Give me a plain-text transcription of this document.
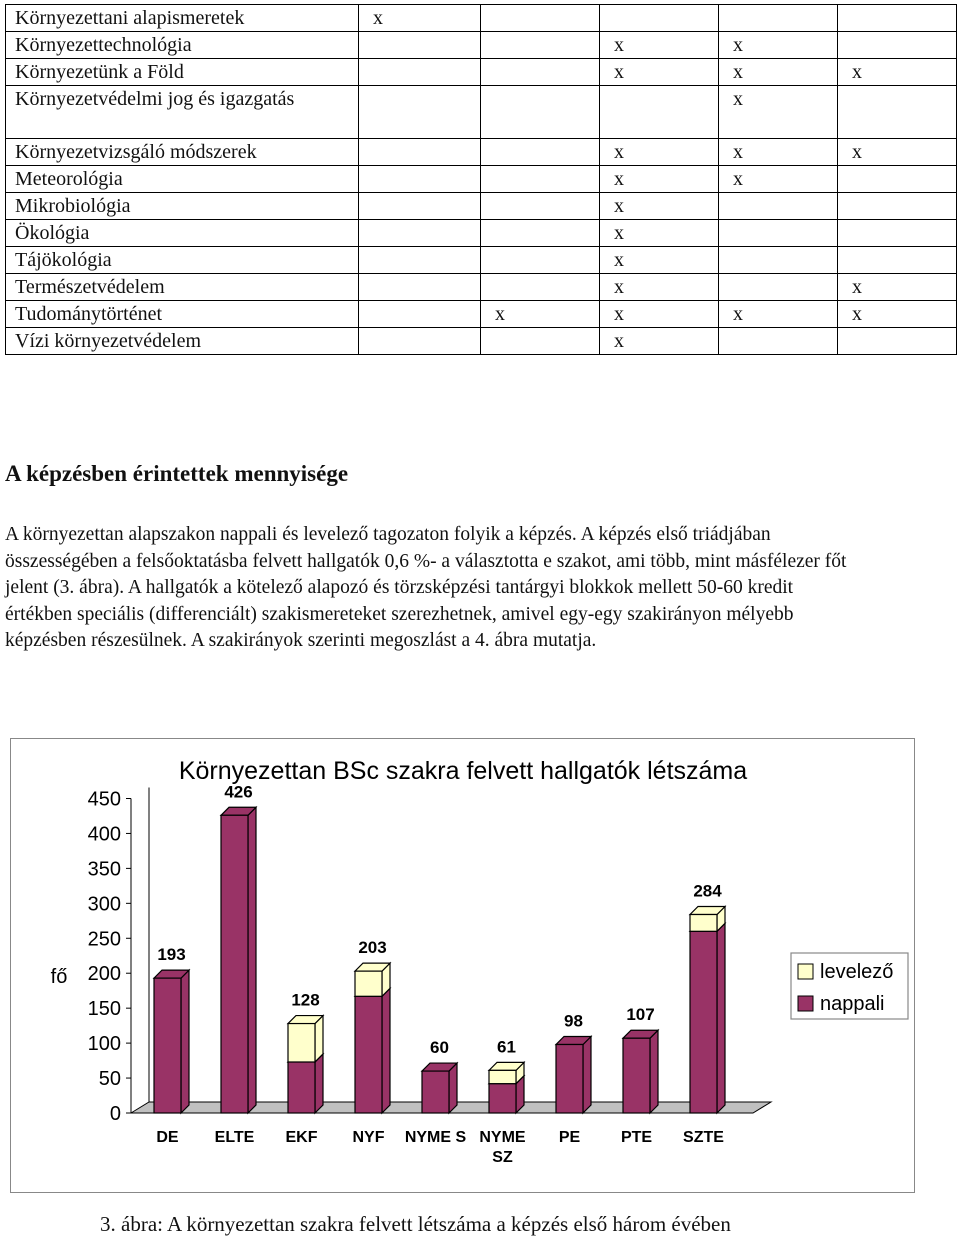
Környezettani alapismeretek	x				
Környezettechnológia			x	x	
Környezetünk a Föld			x	x	x
Környezetvédelmi jog és igazgatás				x	
Környezetvizsgáló módszerek			x	x	x
Meteorológia			x	x	
Mikrobiológia			x		
Ökológia			x		
Tájökológia			x		
Természetvédelem			x		x
Tudománytörténet		x	x	x	x
Vízi környezetvédelem			x		
A képzésben érintettek mennyisége

A környezettan alapszakon nappali és levelező tagozaton folyik a képzés. A képzés első triádjában összességében a felsőoktatásba felvett hallgatók 0,6 %- a választotta e szakot, ami több, mint másfélezer főt jelent (3. ábra). A hallgatók a kötelező alapozó és törzsképzési tantárgyi blokkok mellett 50-60 kredit értékben speciális (differenciált) szakismereteket szerezhetnek, amivel egy-egy szakirányon mélyebb képzésben részesülnek. A szakirányok szerinti megoszlást a 4. ábra mutatja.

Környezettan BSc szakra felvett hallgatók létszáma
fő
0
50
100
150
200
250
300
350
400
450
193
DE
426
ELTE
128
EKF
203
NYF
60
NYME S
61
NYME SZ
98
PE
107
PTE
284
SZTE
levelező
nappali

3. ábra: A környezettan szakra felvett létszáma a képzés első három évében
